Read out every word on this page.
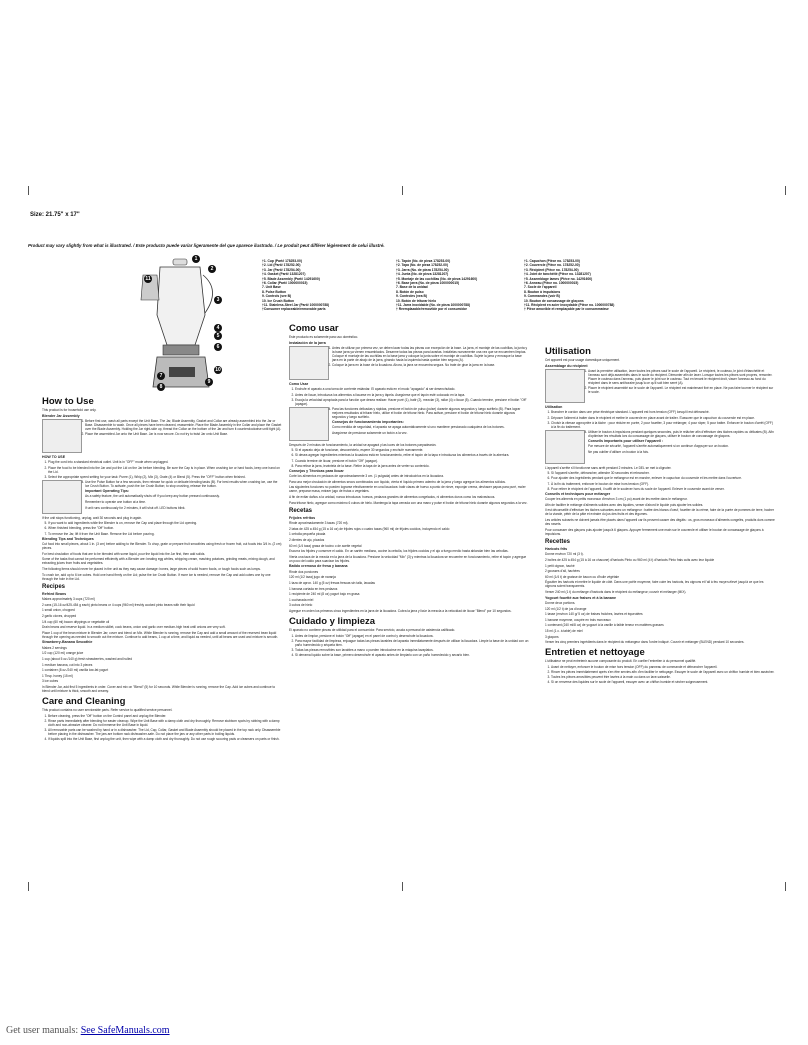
Size: 21.75" x 17"
Product may vary slightly from what is illustrated. / Este producto puede variar ligeramente del que aparece ilustrado. / Le produit peut différer légèrement de celui illustré.
1
2
3
4
5
6
7
8
9
10
11
†1. Cup (Part# 178253-00)
†2. Lid (Part# 178252-00)
†3. Jar (Part# 178254-00)
†4. Gasket (Part# 13281207)
†5. Blade Assembly (Part# 14291600)
†6. Collar (Part# 1000000015)
7. Unit Base
8. Pulse Button
9. Controls (see B)
10. Ice Crush Button
†11. Stainless-Steel Jar (Part# 1000000788)
†Consumer replaceable/removable parts
†1. Tapón (No. de pieza 178253-00)
†2. Tapa (No. de pieza 178252-00)
†3. Jarra (No. de pieza 178254-00)
†4. Junta (No. de pieza 13281207)
†5. Montaje de las cuchillas (No. de pieza 14291600)
†6. Base jarra (No. de pieza 1000000015)
7. Base de la unidad
8. Botón de pulso
9. Controles (vea B)
10. Botón de triturar hielo
†11. Jarra inoxidable (No. de pieza 1000000788)
† Reemplazable/removible por el consumidor
†1. Capuchon (Pièce no. 178253-00)
†2. Couvercle (Pièce no. 178252-00)
†3. Récipient (Pièce no. 178254-00)
†4. Joint de tanchéité (Pièce no. 13281207)
†5. Assemblage lames (Pièce no. 14291600)
†6. Anneau (Pièce no. 1000000015)
7. Socle de l'appareil
8. Bouton à impulsions
9. Commandes (voir B)
10. Bouton de concassage de glaçons
†11. Récipient en acier inoxydable (Pièce no. 1000000788)
† Pièce amovible et remplaçable par le consommateur
How to Use

This product is for household use only.

Blender Jar Assembly
1. Before first use, wash all parts except the Unit Base. The Jar, Blade Assembly, Gasket and Collar are already assembled into the Jar or Base. Disassemble to wash. Once all pieces have been cleaned, reassemble. Place the Blade Assembly in the Collar and place the Gasket over the Blade Assembly. Holding the Jar right-side up, thread the Collar on the bottom of the Jar and turn it counterclockwise until tight (A).
2. Place the assembled Jar onto the Unit Base. Jar is now secure. Do not try to twist Jar onto Unit Base.
HOW TO USE
1. Plug the cord into a standard electrical outlet. Unit is in "OFF" mode when unplugged.
2. Place the food to be blended into the Jar and put the Lid on the Jar before blending. Be sure the Cap is in place. When crushing ice or hard foods, keep one hand on the Lid.
3. Select the appropriate speed setting for your task: Puree (1), Whip (2), Mix (3), Grate (4) or Blend (5). Press the "OFF" button when finished.
4. Use the Pulse Button for a few seconds, then release for quick or delicate blending tasks (B). For best results when crushing ice, use the Ice Crush Button. To activate, push the Ice Crush Button; to stop crushing, release the button.
Important Operating Tips:

As a safety feature, the unit automatically shuts off if you keep any button pressed continuously.

Remember to operate one button at a time.

If unit runs continuously for 2 minutes, it will shut off. LED buttons blink.

If the unit stops functioning, unplug, wait 30 seconds and plug in again.

5. If you want to add ingredients while the Blender is on, remove the Cap and place through the Lid opening.
6. When finished blending, press the "Off" button.
7. To remove the Jar, lift it from the Unit Base. Remove the Lid before pouring.
Blending Tips and Techniques

Cut food into small pieces, about 1 in. (3 cm) before adding to the Blender. To chop, grate or prepare fruit smoothies using fresh or frozen fruit, cut foods into 3/4 in. (2 cm) pieces.

For best circulation of foods that are to be blended with some liquid, pour the liquid into the Jar first, then add solids.

Some of the tasks that cannot be performed efficiently with a Blender are: beating egg whites, whipping cream, mashing potatoes, grinding meats, mixing dough, and extracting juices from fruits and vegetables.

The following items should never be placed in the unit as they may cause damage: bones, large pieces of solid frozen foods, or tough foods such as lumps.

To crush ice, add up to 6 ice cubes. Hold one hand firmly on the Lid; pulse the Ice Crush Button. If more ice is needed, remove the Cap and add cubes one by one through the hole in the Lid.

Recipes
Refried Beans

Makes approximately 3 cups (720 ml)

2 cans (15-16 oz/425-454 g each) pinto beans or 4 cups (960 ml) freshly cooked pinto beans with their liquid

1 small onion, chopped

2 garlic cloves, chopped

1/4 cup (60 ml) bacon drippings or vegetable oil

Drain beans and reserve liquid. In a medium skillet, cook beans, onion and garlic over medium-high heat until onions are very soft.

Place 1 cup of the bean mixture in Blender Jar; cover and blend on Mix. While Blender is running, remove the Cap and add a small amount of the reserved bean liquid through the opening as needed to smooth out the mixture. Continue to add beans, 1 cup at a time, and liquid as needed, until all beans are used and mixture is smooth.

Strawberry-Banana Smoothie

Makes 2 servings

1/2 cup (120 ml) orange juice

1 cup (about 5 oz./140 g) fresh strawberries, washed and hulled

1 medium banana, cut into 3 pieces

1 container (8 oz./240 ml) vanilla low-fat yogurt

1 Tbsp. honey (15 ml)

3 ice cubes

In Blender Jar, add first 5 ingredients in order. Cover and mix on "Blend" (5) for 10 seconds. While Blender is running, remove the Cap. Add ice cubes and continue to blend until mixture is thick, smooth and creamy.

Care and Cleaning

This product contains no user serviceable parts. Refer service to qualified service personnel.

1. Before cleaning, press the "Off" button on the Control panel and unplug the Blender.
2. Rinse parts immediately after blending for easier cleanup. Wipe the Unit Base with a damp cloth and dry thoroughly. Remove stubborn spots by rubbing with a damp cloth and non-abrasive cleaner. Do not immerse the Unit Base in liquid.
3. All removable parts can be washed by hand or in a dishwasher. The Lid, Cap, Collar, Gasket and Blade Assembly should be placed in the top rack only. Disassemble before placing in the dishwasher. The jars are bottom rack dishwasher-safe. Do not place the jars or any other parts in boiling liquids.
4. If liquids spill into the Unit Base, first unplug the unit, then wipe with a damp cloth and dry thoroughly. Do not use rough scouring pads or cleansers on parts or finish.
Como usar

Este producto es solamente para uso doméstico.

Instalación de la jarra
1. Antes de utilizar por primera vez, se deben lavar todas las piezas con excepción de la base. La jarra, el montaje de las cuchillas, la junta y la base jarra ya vienen ensamblados. Desarme todas las piezas para lavarlas. Instálelas nuevamente una vez que se encuentren limpias. Coloque el montaje de las cuchillas en la base jarra y coloque la junta sobre el montaje de cuchillas. Sujete la jarra y enrosque la base jarra en la parte de abajo de la jarra, girando hacia la izquierda hasta quedar bien segura (A).
2. Coloque la jarra en la base de la licuadora. Ahora, la jarra se encuentra segura. No trate de girar la jarra en la base.
Como Usar
1. Enchufe el aparato a una toma de corriente estándar. El aparato está en el modo "apagado" al ser desenchufado.
2. Antes de licuar, introduzca los alimentos a licuarse en la jarra y tápela. Asegúrese que el tapón esté colocado en la tapa.
3. Escoja la velocidad apropiada para la función que desea realizar: Hacer puré (1), batir (2), mezclar (3), rallar (4) o licuar (5). Cuando termine, presione el botón "Off" (apagar).
4. Para las funciones delicadas y rápidas, presione el botón de pulso (pulse) durante algunos segundos y luego suéltelo (B). Para lograr mejores resultados al triturar hielo, utilice el botón de triturar hielo. Para activar, presione el botón de triturar hielo durante algunos segundos y luego suéltelo.
Consejos de funcionamiento importantes:

Como medida de seguridad, el aparato se apaga automáticamente si uno mantiene presionado cualquiera de los botones.

Asegúrese de presionar solamente un botón a la vez.

Después de 2 minutos de funcionamiento, la unidad se apagará y las luces de los botones parpadearán.

5. Si el aparato deja de funcionar, desconéctelo, espere 30 segundos y enchufe nuevamente.
6. Si desea agregar ingredientes mientras la licuadora está en funcionamiento, retire el tapón de la tapa e introduzca los alimentos a través de la abertura.
7. Cuando termine de licuar, presione el botón "Off" (apagar).
8. Para retirar la jarra, levántela de la base. Retire la tapa de la jarra antes de verter su contenido.
Consejos y Técnicas para licuar

Corte los alimentos en pedazos de aproximadamente 3 cm. (1 pulgada) antes de introducirlos en la licuadora.

Para una mejor circulación de alimentos secos combinados con líquido, vierta el líquido primero adentro de la jarra y luego agregue los alimentos sólidos.

Las siguientes funciones no pueden lograrse efectivamente en una licuadora: batir claras de huevo a punto de nieve, esponjar crema, deshacer papas para puré, moler carne, preparar masa, extraer jugo de frutas o vegetales.

A fin de evitar daños a la unidad, nunca introduzca: huesos, pedazos grandes de alimentos congelados, ni alimentos duros como los malvaviscos.

Para triturar hielo, agregue como máximo 6 cubos de hielo. Mantenga la tapa cerrada con una mano y pulse el botón de triturar hielo durante algunos segundos a la vez.

Recetas
Frijoles refritos

Rinde aproximadamente 3 tazas (720 ml).

2 latas de 425 a 454 g (15 a 16 oz) de frijoles rojos o cuatro tazas (960 ml) de frijoles cocidos, incluyendo el caldo

1 cebolla pequeña picada

2 dientes de ajo, picados

60 ml (1/4 taza) grasa de tocino o de aceite vegetal

Escurra los frijoles y conserve el caldo. En un sartén mediano, cocine la cebolla, los frijoles cocidos y el ajo a fuego medio hasta ablandar bien las cebollas.

Vierta una taza de la mezcla en la jarra de la licuadora. Presione la velocidad "Mix" (3) y mientras la licuadora se encuentre en funcionamiento, retire el tapón y agregue un poco del caldo para suavizar los frijoles.

Batido cremoso de fresa y banana

Rinde dos porciones

120 ml (1/2 taza) jugo de naranja

1 taza de aprox. 140 g (5 oz) fresas frescas sin tallo, lavadas

1 banana cortada en tres pedazos

1 recipiente de 240 ml (8 oz) yogurt bajo en grasa

1 cucharada miel

3 cubos de hielo

Agregue en orden los primeros cinco ingredientes en la jarra de la licuadora. Cubra la jarra y licúe la mezcla a la velocidad de licuar "Blend" por 10 segundos.

Cuidado y limpieza

El aparato no contiene piezas de utilidad para el consumidor. Para servicio, acuda a personal de asistencia calificado.

1. Antes de limpiar, presione el botón "Off" (apagar) en el panel de control y desenchufe la licuadora.
2. Para mayor facilidad de limpieza, enjuague todas las piezas lavables del aparato inmediatamente después de utilizar la licuadora. Limpie la base de la unidad con un paño humedecido y séquela bien.
3. Todas las piezas removibles son lavables a mano o pueden introducirse en la máquina lavaplatos.
4. Si derrama líquido sobre la base, primero desenchufe el aparato antes de limpiarlo con un paño humedecido y secarlo bien.
Utilisation

Cet appareil est pour usage domestique uniquement.

Assemblage du récipient
1. Avant la première utilisation, laver toutes les pièces sauf le socle de l'appareil. Le récipient, le couteau, le joint d'étanchéité et l'anneau sont déjà assemblés dans le socle du récipient. Démonter afin de laver. Lorsque toutes les pièces sont propres, remonter. Placer le couteau dans l'anneau, puis placer le joint sur le couteau. Tout en tenant le récipient droit, visser l'anneau au fond du récipient dans le sens antihoraire jusqu'à ce qu'il soit bien serré (A).
2. Placer le récipient assemblé sur le socle de l'appareil. Le récipient est maintenant fixé en place. Ne pas faire tourner le récipient sur le socle.
Utilisation
1. Brancher le cordon dans une prise électrique standard. L'appareil est hors tension (OFF) lorsqu'il est débranché.
2. Déposer l'aliment à traiter dans le récipient et mettre le couvercle en place avant de traiter. S'assurer que le capuchon du couvercle est en place.
3. Choisir la vitesse appropriée à la tâche : pour réduire en purée, 2 pour fouetter, 3 pour mélanger, 4 pour râper, 5 pour battre. Enfoncer le bouton d'arrêt (OFF) à la fin du traitement.
4. Utiliser le bouton à impulsions pendant quelques secondes, puis le relâcher afin d'effectuer des tâches rapides ou délicates (B). Afin d'optimiser les résultats lors du concassage de glaçons, utiliser le bouton de concassage de glaçons.
Conseils importants pour utiliser l'appareil :

Par mesure de sécurité, l'appareil s'arrête automatiquement si on continue d'appuyer sur un bouton.

Ne pas oublier d'utiliser un bouton à la fois.

L'appareil s'arrête s'il fonctionne sans arrêt pendant 2 minutes. Le DEL se met à clignoter.

5. Si l'appareil s'arrête, débrancher, attendre 30 secondes et rebrancher.
6. Pour ajouter des ingrédients pendant que le mélangeur est en marche, enlever le capuchon du couvercle et les mettre dans l'ouverture.
7. À la fin du traitement, enfoncer le bouton de mise hors tension (OFF).
8. Pour retirer le récipient de l'appareil, il suffit de le soulever hors du socle de l'appareil. Enlever le couvercle avant de verser.
Conseils et techniques pour mélanger

Couper les aliments en petits morceaux d'environ 3 cm (1 po) avant de les mettre dans le mélangeur.

Afin de faciliter le mélange d'aliments solides avec des liquides, verser d'abord le liquide puis ajouter les solides.

Il est déconseillé d'effectuer les tâches suivantes avec un mélangeur : battre des blancs d'oeuf, fouetter de la crème, faire de la purée de pommes de terre, hacher de la viande, pétrir de la pâte et extraire du jus des fruits et des légumes.

Les articles suivants ne doivent jamais être placés dans l'appareil car ils peuvent causer des dégâts : os, gros morceaux d'aliments congelés, produits durs comme des navets.

Pour concasser des glaçons puis ajouter jusqu'à 6 glaçons. Appuyer fermement une main sur le couvercle et utiliser le bouton de concassage de glaçons à impulsions.

Recettes
Haricots frits

Donne environ 720 ml (3 t).

2 boîtes de 425 à 454 g (15 à 16 oz chacune) d'haricots Pinto ou 960 ml (4 t) d'haricots Pinto frais cuits avec leur liquide

1 petit oignon, haché

2 gousses d'ail, hachées

60 ml (1/4 t) de graisse de bacon ou d'huile végétale

Égoutter les haricots et mettre le liquide de côté. Dans une poêle moyenne, faire cuire les haricots, les oignons et l'ail à feu moyen-élevé jusqu'à ce que les oignons soient transparents.

Verser 240 ml (1 t) du mélange d'haricots dans le récipient du mélangeur; couvrir et mélanger (MIX).

Yogourt fouetté aux fraises et à la banane

Donne deux portions.

120 ml (1/2 t) de jus d'orange

1 tasse (environ 140 g/ 5 oz) de fraises fraîches, lavées et équeutées

1 banane moyenne, coupée en trois morceaux

1 contenant (240 ml/8 oz) de yogourt à la vanille à faible teneur en matières grasses

15 ml (1 c. à table) de miel

3 glaçons

Verser les cinq premiers ingrédients dans le récipient du mélangeur dans l'ordre indiqué. Couvrir et mélanger (BLEND) pendant 10 secondes.

Entretien et nettoyage

L'utilisateur ne peut entretenir aucune composante du produit. En confier l'entretien à du personnel qualifié.

1. Avant de nettoyer, enfoncer le bouton de mise hors tension (OFF) du panneau de commande et débrancher l'appareil.
2. Rincer les pièces immédiatement après s'en être servies afin d'en faciliter le nettoyage. Essuyer le socle de l'appareil avec un chiffon humide et bien assécher.
3. Toutes les pièces amovibles peuvent être lavées à la main ou dans un lave-vaisselle.
4. Si on renverse des liquides sur le socle de l'appareil, essuyer avec un chiffon humide et sécher soigneusement.
Get user manuals: See SafeManuals.com
